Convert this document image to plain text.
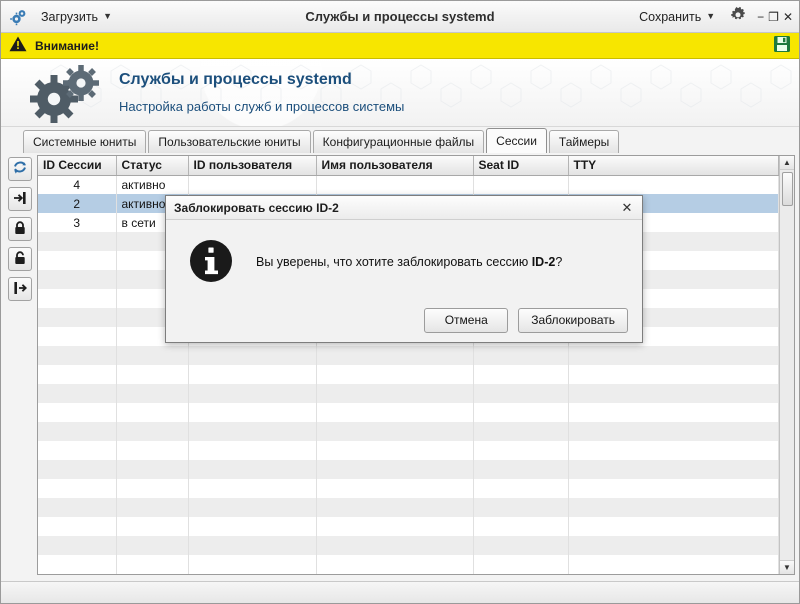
Загрузить ▼	Службы и процессы systemd	Сохранить ▼	− ❐ ✕
Внимание!
Службы и процессы systemd
Настройка работы служб и процессов системы
Системные юниты Пользовательские юниты Конфигурационные файлы Сессии Таймеры
ID Сессии	Статус	ID пользователя	Имя пользователя	Seat ID	TTY
4	активно				
2	активно				
3	в сети				

▲
▼
Заблокировать сессию ID-2	✕
Вы уверены, что хотите заблокировать сессию ID-2?
Отмена	Заблокировать
